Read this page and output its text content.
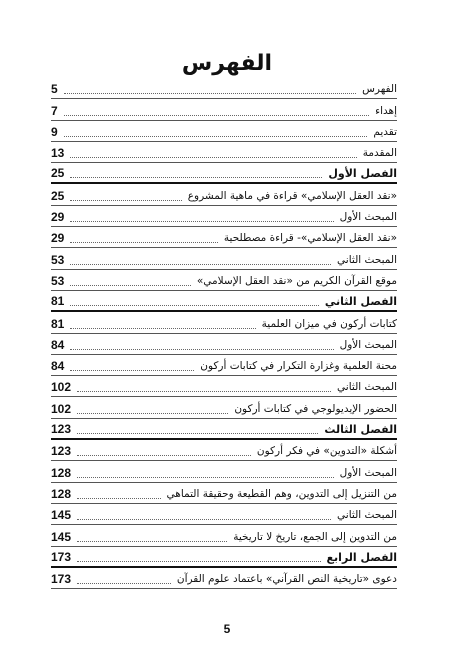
الفهرس
الفهرس
5
إهداء
7
تقديم
9
المقدمة
13
الفصل الأول
25
«نقد العقل الإسلامي» قراءة في ماهية المشروع
25
المبحث الأول
29
«نقد العقل الإسلامي»- قراءة مصطلحية
29
المبحث الثاني
53
موقع القرآن الكريم من «نقد العقل الإسلامي»
53
الفصل الثاني
81
كتابات أركون في ميزان العلمية
81
المبحث الأول
84
محنة العلمية وغزارة التكرار في كتابات أركون
84
المبحث الثاني
102
الحضور الإيديولوجي في كتابات أركون
102
الفصل الثالث
123
أشكلة «التدوين» في فكر أركون
123
المبحث الأول
128
من التنزيل إلى التدوين، وهم القطيعة وحقيقة التماهي
128
المبحث الثاني
145
من التدوين إلى الجمع، تاريخ لا تاريخية
145
الفصل الرابع
173
دعوى «تاريخية النص القرآني» باعتماد علوم القرآن
173
5
